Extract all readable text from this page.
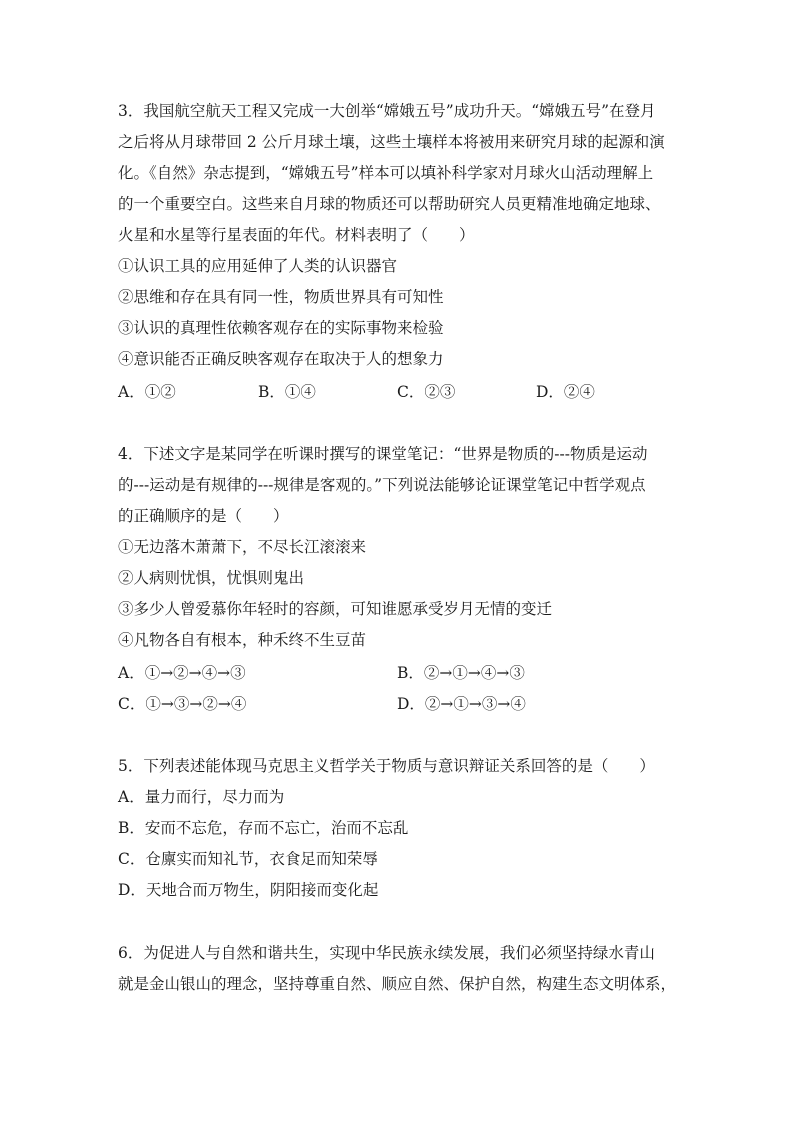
3．我国航空航天工程又完成一大创举“嫦娥五号”成功升天。“嫦娥五号”在登月
之后将从月球带回 2 公斤月球土壤，这些土壤样本将被用来研究月球的起源和演
化。《自然》杂志提到，“嫦娥五号”样本可以填补科学家对月球火山活动理解上
的一个重要空白。这些来自月球的物质还可以帮助研究人员更精准地确定地球、
火星和水星等行星表面的年代。材料表明了（　　）
①认识工具的应用延伸了人类的认识器官
②思维和存在具有同一性，物质世界具有可知性
③认识的真理性依赖客观存在的实际事物来检验
④意识能否正确反映客观存在取决于人的想象力
A．①②	B．①④	C．②③	D．②④
4．下述文字是某同学在听课时撰写的课堂笔记：“世界是物质的---物质是运动
的---运动是有规律的---规律是客观的。”下列说法能够论证课堂笔记中哲学观点
的正确顺序的是（　　）
①无边落木萧萧下，不尽长江滚滚来
②人病则忧惧，忧惧则鬼出
③多少人曾爱慕你年轻时的容颜，可知谁愿承受岁月无情的变迁
④凡物各自有根本，种禾终不生豆苗
A．①→②→④→③	B．②→①→④→③
C．①→③→②→④	D．②→①→③→④
5．下列表述能体现马克思主义哲学关于物质与意识辩证关系回答的是（　　）
A．量力而行，尽力而为
B．安而不忘危，存而不忘亡，治而不忘乱
C．仓廪实而知礼节，衣食足而知荣辱
D．天地合而万物生，阴阳接而变化起
6．为促进人与自然和谐共生，实现中华民族永续发展，我们必须坚持绿水青山
就是金山银山的理念，坚持尊重自然、顺应自然、保护自然，构建生态文明体系，
